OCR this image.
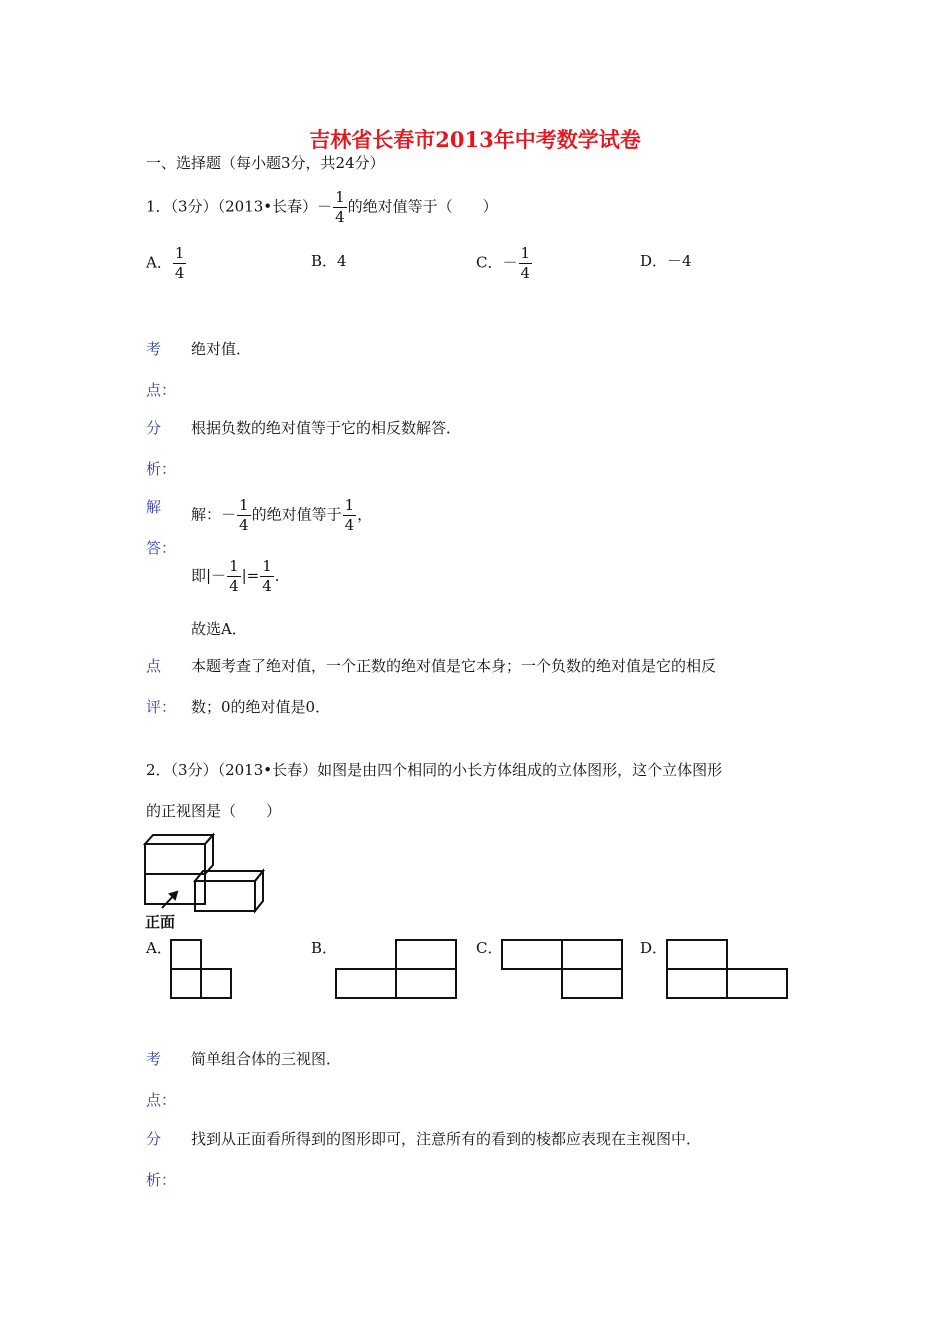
吉林省长春市2013年中考数学试卷
一、选择题（每小题3分，共24分）
1．（3分）（2013•长春）－ $\frac{1}{4}$ 的绝对值等于（　　）
A． $\frac{1}{4}$	B．4	C．－ $\frac{1}{4}$	D．－4
考 绝对值．
点：
分 根据负数的绝对值等于它的相反数解答．
析：
解 解：－ $\frac{1}{4}$ 的绝对值等于 $\frac{1}{4}$ ，
答：
即|－ $\frac{1}{4}$ |= $\frac{1}{4}$ ．
故选A．
点 本题考查了绝对值，一个正数的绝对值是它本身；一个负数的绝对值是它的相反
评： 数；0的绝对值是0．
2．（3分）（2013•长春）如图是由四个相同的小长方体组成的立体图形，这个立体图形
的正视图是（　　）
正面
A．	B．	C．	D．
考 简单组合体的三视图．
点：
分 找到从正面看所得到的图形即可，注意所有的看到的棱都应表现在主视图中．
析：
